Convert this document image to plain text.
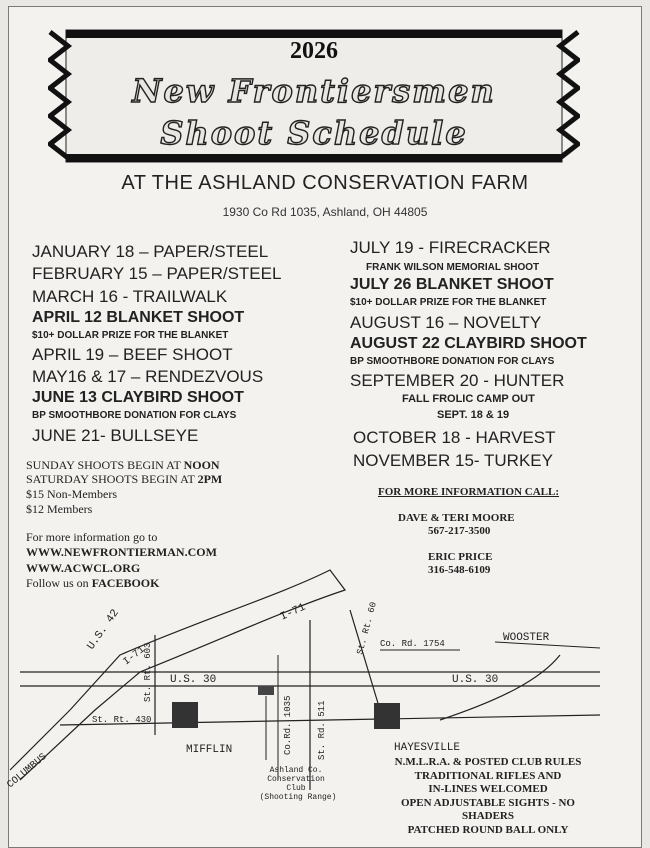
2026
New Frontiersmen
Shoot Schedule
AT THE ASHLAND CONSERVATION FARM
1930 Co Rd 1035, Ashland, OH 44805
JANUARY 18 – PAPER/STEEL
FEBRUARY 15 – PAPER/STEEL
MARCH 16 - TRAILWALK
APRIL 12 BLANKET SHOOT
$10+ DOLLAR PRIZE FOR THE BLANKET
APRIL 19 – BEEF SHOOT
MAY16 & 17 – RENDEZVOUS
JUNE 13 CLAYBIRD SHOOT
BP SMOOTHBORE DONATION FOR CLAYS
JUNE 21- BULLSEYE
JULY 19 - FIRECRACKER
FRANK WILSON MEMORIAL SHOOT
JULY 26 BLANKET SHOOT
$10+ DOLLAR PRIZE FOR THE BLANKET
AUGUST 16 – NOVELTY
AUGUST 22 CLAYBIRD SHOOT
BP SMOOTHBORE DONATION FOR CLAYS
SEPTEMBER 20 - HUNTER
FALL FROLIC CAMP OUT
SEPT. 18 & 19
OCTOBER 18 - HARVEST
NOVEMBER 15- TURKEY
SUNDAY SHOOTS BEGIN AT NOON
SATURDAY SHOOTS BEGIN AT 2PM
$15 Non-Members
$12 Members
For more information go to
WWW.NEWFRONTIERMAN.COM
WWW.ACWCL.ORG
Follow us on FACEBOOK
FOR MORE INFORMATION CALL:
DAVE & TERI MOORE
567-217-3500
ERIC PRICE
316-548-6109
U.S. 42	I-71
I-71
St. Rt. 603 U.S. 30	U.S. 30
St. Rt. 430
COLUMBUS
MIFFLIN	Co.Rd. 1035	St. Rd. 511
St. Rt. 60 Co. Rd. 1754	WOOSTER
HAYESVILLE
Ashland Co.
Conservation
Club
(Shooting Range)
N.M.L.R.A. & POSTED CLUB RULES
TRADITIONAL RIFLES AND
IN-LINES WELCOMED
OPEN ADJUSTABLE SIGHTS - NO
SHADERS
PATCHED ROUND BALL ONLY
